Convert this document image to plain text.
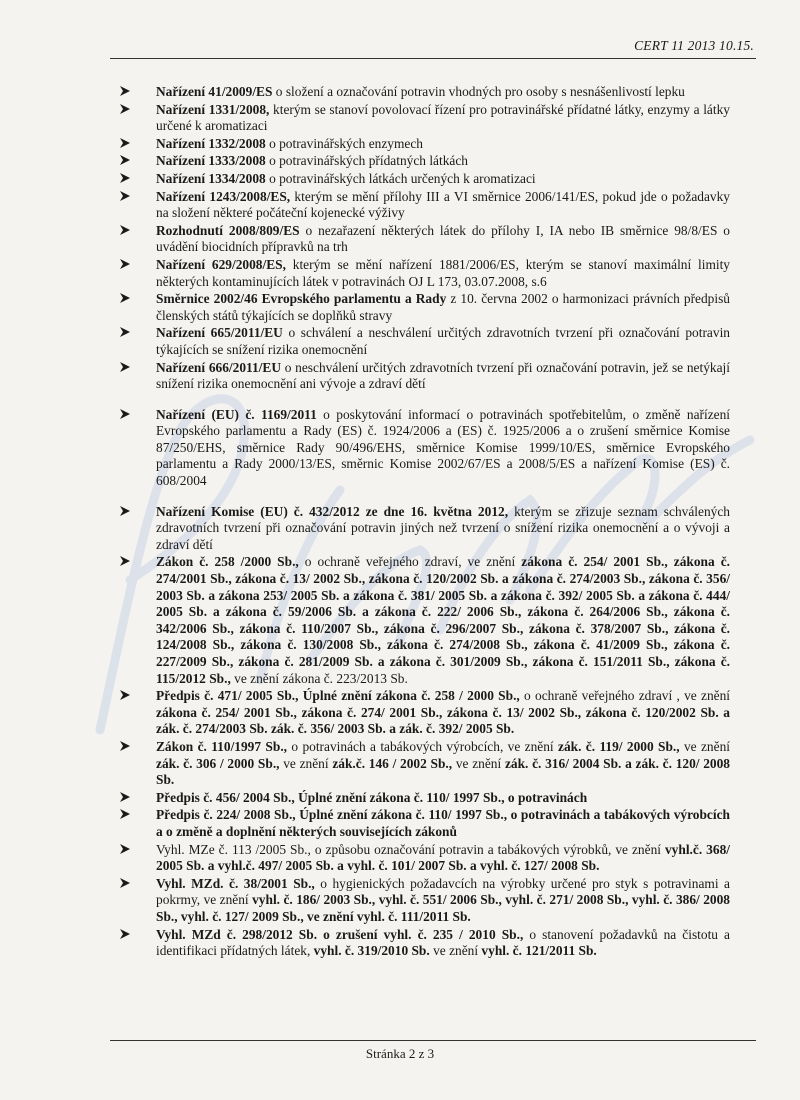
CERT 11 2013 10.15.
Nařízení 41/2009/ES o složení a označování potravin vhodných pro osoby s nesnášenlivostí lepku
Nařízení 1331/2008, kterým se stanoví povolovací řízení pro potravinářské přídatné látky, enzymy a látky určené k aromatizaci
Nařízení 1332/2008 o potravinářských enzymech
Nařízení 1333/2008 o potravinářských přídatných látkách
Nařízení 1334/2008 o potravinářských látkách určených k aromatizaci
Nařízení 1243/2008/ES, kterým se mění přílohy III a VI směrnice 2006/141/ES, pokud jde o požadavky na složení některé počáteční kojenecké výživy
Rozhodnutí 2008/809/ES o nezařazení některých látek do přílohy I, IA nebo IB směrnice 98/8/ES o uvádění biocidních přípravků na trh
Nařízení 629/2008/ES, kterým se mění nařízení 1881/2006/ES, kterým se stanoví maximální limity některých kontaminujících látek v potravinách OJ L 173, 03.07.2008, s.6
Směrnice 2002/46 Evropského parlamentu a Rady z 10. června 2002 o harmonizaci právních předpisů členských států týkajících se doplňků stravy
Nařízení 665/2011/EU o schválení a neschválení určitých zdravotních tvrzení při označování potravin týkajících se snížení rizika onemocnění
Nařízení 666/2011/EU o neschválení určitých zdravotních tvrzení při označování potravin, jež se netýkají snížení rizika onemocnění ani vývoje a zdraví dětí
Nařízení (EU) č. 1169/2011 o poskytování informací o potravinách spotřebitelům, o změně nařízení Evropského parlamentu a Rady (ES) č. 1924/2006 a (ES) č. 1925/2006 a o zrušení směrnice Komise 87/250/EHS, směrnice Rady 90/496/EHS, směrnice Komise 1999/10/ES, směrnice Evropského parlamentu a Rady 2000/13/ES, směrnic Komise 2002/67/ES a 2008/5/ES a nařízení Komise (ES) č. 608/2004
Nařízení Komise (EU) č. 432/2012 ze dne 16. května 2012, kterým se zřizuje seznam schválených zdravotních tvrzení při označování potravin jiných než tvrzení o snížení rizika onemocnění a o vývoji a zdraví dětí
Zákon č. 258 /2000 Sb., o ochraně veřejného zdraví, ve znění zákona č. 254/ 2001 Sb., zákona č. 274/2001 Sb., zákona č. 13/ 2002 Sb., zákona č. 120/2002 Sb. a zákona č. 274/2003 Sb., zákona č. 356/ 2003 Sb. a zákona 253/ 2005 Sb. a zákona č. 381/ 2005 Sb. a zákona č. 392/ 2005 Sb. a zákona č. 444/ 2005 Sb. a zákona č. 59/2006 Sb. a zákona č. 222/ 2006 Sb., zákona č. 264/2006 Sb., zákona č. 342/2006 Sb., zákona č. 110/2007 Sb., zákona č. 296/2007 Sb., zákona č. 378/2007 Sb., zákona č. 124/2008 Sb., zákona č. 130/2008 Sb., zákona č. 274/2008 Sb., zákona č. 41/2009 Sb., zákona č. 227/2009 Sb., zákona č. 281/2009 Sb. a zákona č. 301/2009 Sb., zákona č. 151/2011 Sb., zákona č. 115/2012 Sb., ve znění zákona č. 223/2013 Sb.
Předpis č. 471/ 2005 Sb., Úplné znění zákona č. 258 / 2000 Sb., o ochraně veřejného zdraví , ve znění zákona č. 254/ 2001 Sb., zákona č. 274/ 2001 Sb., zákona č. 13/ 2002 Sb., zákona č. 120/2002 Sb. a zák. č. 274/2003 Sb. zák. č. 356/ 2003 Sb. a zák. č. 392/ 2005 Sb.
Zákon č. 110/1997 Sb., o potravinách a tabákových výrobcích, ve znění zák. č. 119/ 2000 Sb., ve znění zák. č. 306 / 2000 Sb., ve znění zák.č. 146 / 2002 Sb., ve znění zák. č. 316/ 2004 Sb. a zák. č. 120/ 2008 Sb.
Předpis č. 456/ 2004 Sb., Úplné znění zákona č. 110/ 1997 Sb., o potravinách
Předpis č. 224/ 2008 Sb., Úplné znění zákona č. 110/ 1997 Sb., o potravinách a tabákových výrobcích a o změně a doplnění některých souvisejících zákonů
Vyhl. MZe č. 113 /2005 Sb., o způsobu označování potravin a tabákových výrobků, ve znění vyhl.č. 368/ 2005 Sb. a vyhl.č. 497/ 2005 Sb. a vyhl. č. 101/ 2007 Sb. a vyhl. č. 127/ 2008 Sb.
Vyhl. MZd. č. 38/2001 Sb., o hygienických požadavcích na výrobky určené pro styk s potravinami a pokrmy, ve znění vyhl. č. 186/ 2003 Sb., vyhl. č. 551/ 2006 Sb., vyhl. č. 271/ 2008 Sb., vyhl. č. 386/ 2008 Sb., vyhl. č. 127/ 2009 Sb., ve znění vyhl. č. 111/2011 Sb.
Vyhl. MZd č. 298/2012 Sb. o zrušení vyhl. č. 235 / 2010 Sb., o stanovení požadavků na čistotu a identifikaci přídatných látek, vyhl. č. 319/2010 Sb. ve znění vyhl. č. 121/2011 Sb.
Stránka 2 z 3
